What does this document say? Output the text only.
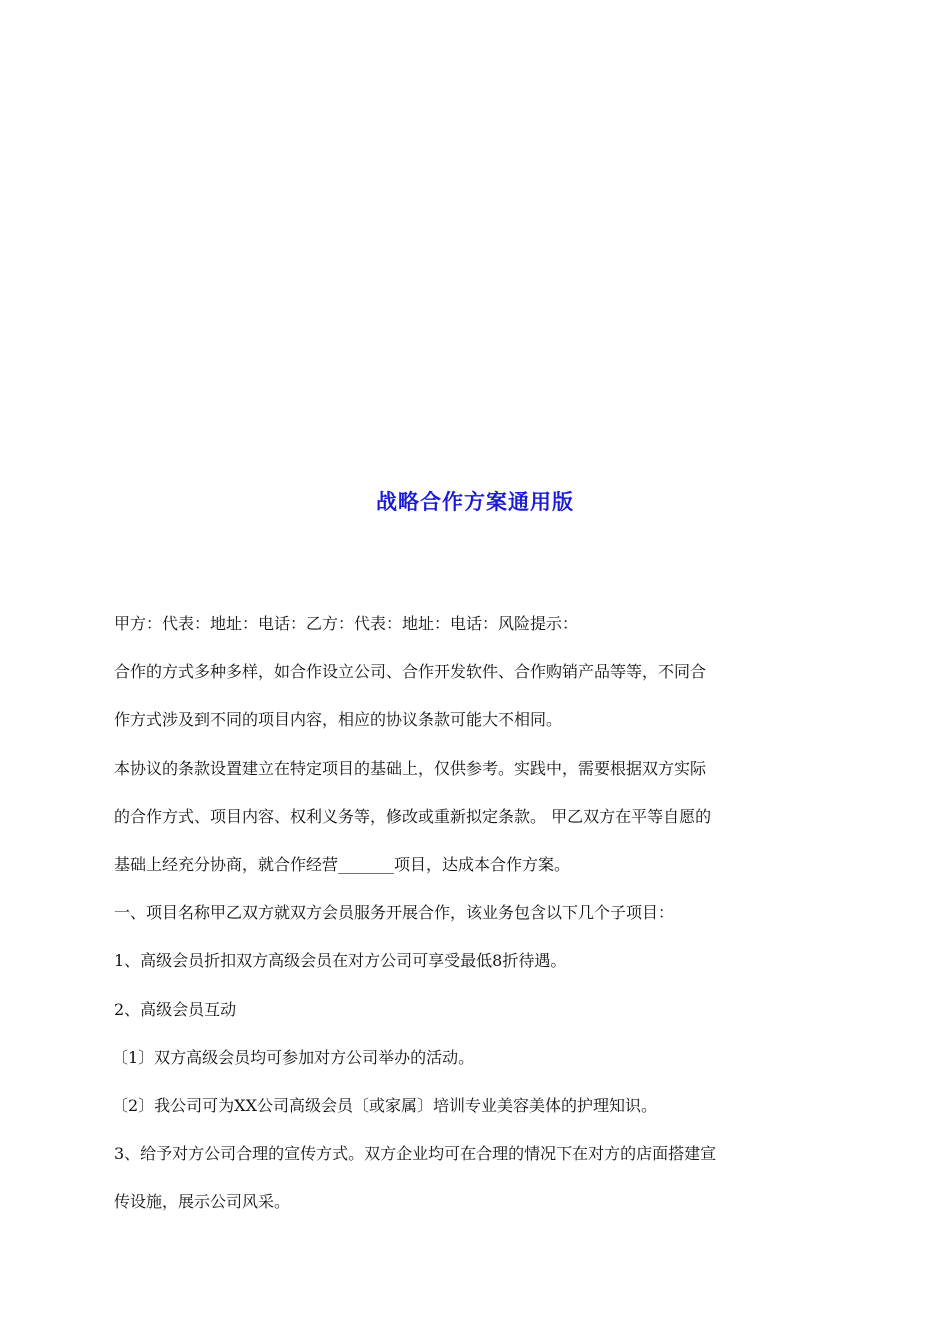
战略合作方案通用版

甲方：代表：地址：电话：乙方：代表：地址：电话：风险提示：

合作的方式多种多样，如合作设立公司、合作开发软件、合作购销产品等等，不同合

作方式涉及到不同的项目内容，相应的协议条款可能大不相同。

本协议的条款设置建立在特定项目的基础上，仅供参考。实践中，需要根据双方实际

的合作方式、项目内容、权利义务等，修改或重新拟定条款。 甲乙双方在平等自愿的

基础上经充分协商，就合作经营_______项目，达成本合作方案。

一、项目名称甲乙双方就双方会员服务开展合作，该业务包含以下几个子项目：

1、高级会员折扣双方高级会员在对方公司可享受最低8折待遇。

2、高级会员互动

〔1〕双方高级会员均可参加对方公司举办的活动。

〔2〕我公司可为XX公司高级会员〔或家属〕培训专业美容美体的护理知识。

3、给予对方公司合理的宣传方式。双方企业均可在合理的情况下在对方的店面搭建宣

传设施，展示公司风采。
